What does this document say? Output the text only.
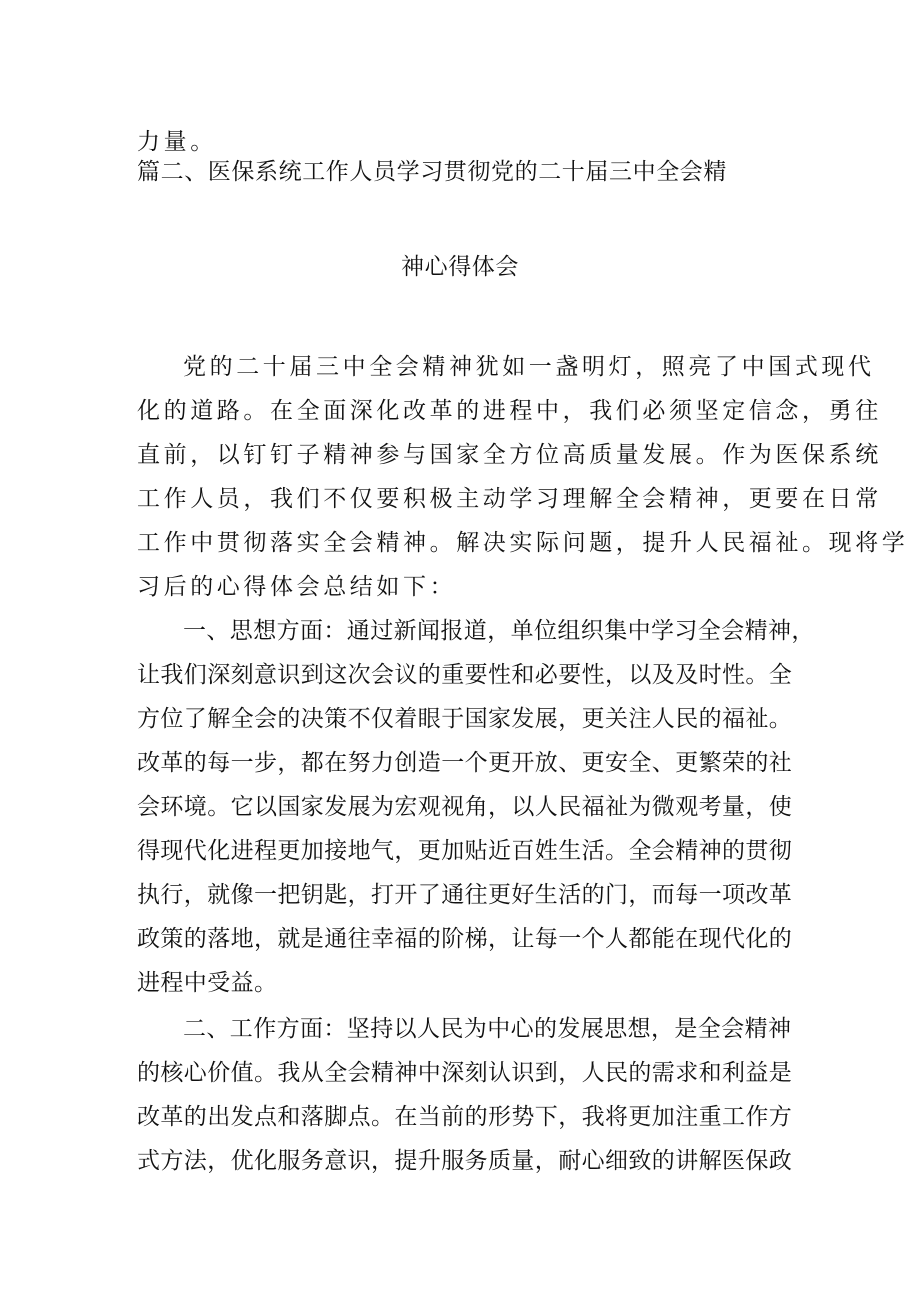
力量。
篇二、医保系统工作人员学习贯彻党的二十届三中全会精
神心得体会
党的二十届三中全会精神犹如一盏明灯，照亮了中国式现代
化的道路。在全面深化改革的进程中，我们必须坚定信念，勇往
直前，以钉钉子精神参与国家全方位高质量发展。作为医保系统
工作人员，我们不仅要积极主动学习理解全会精神，更要在日常
工作中贯彻落实全会精神。解决实际问题，提升人民福祉。现将学
习后的心得体会总结如下：
一、思想方面：通过新闻报道，单位组织集中学习全会精神，
让我们深刻意识到这次会议的重要性和必要性，以及及时性。全
方位了解全会的决策不仅着眼于国家发展，更关注人民的福祉。
改革的每一步，都在努力创造一个更开放、更安全、更繁荣的社
会环境。它以国家发展为宏观视角，以人民福祉为微观考量，使
得现代化进程更加接地气，更加贴近百姓生活。全会精神的贯彻
执行，就像一把钥匙，打开了通往更好生活的门，而每一项改革
政策的落地，就是通往幸福的阶梯，让每一个人都能在现代化的
进程中受益。
二、工作方面：坚持以人民为中心的发展思想，是全会精神
的核心价值。我从全会精神中深刻认识到，人民的需求和利益是
改革的出发点和落脚点。在当前的形势下，我将更加注重工作方
式方法，优化服务意识，提升服务质量，耐心细致的讲解医保政
